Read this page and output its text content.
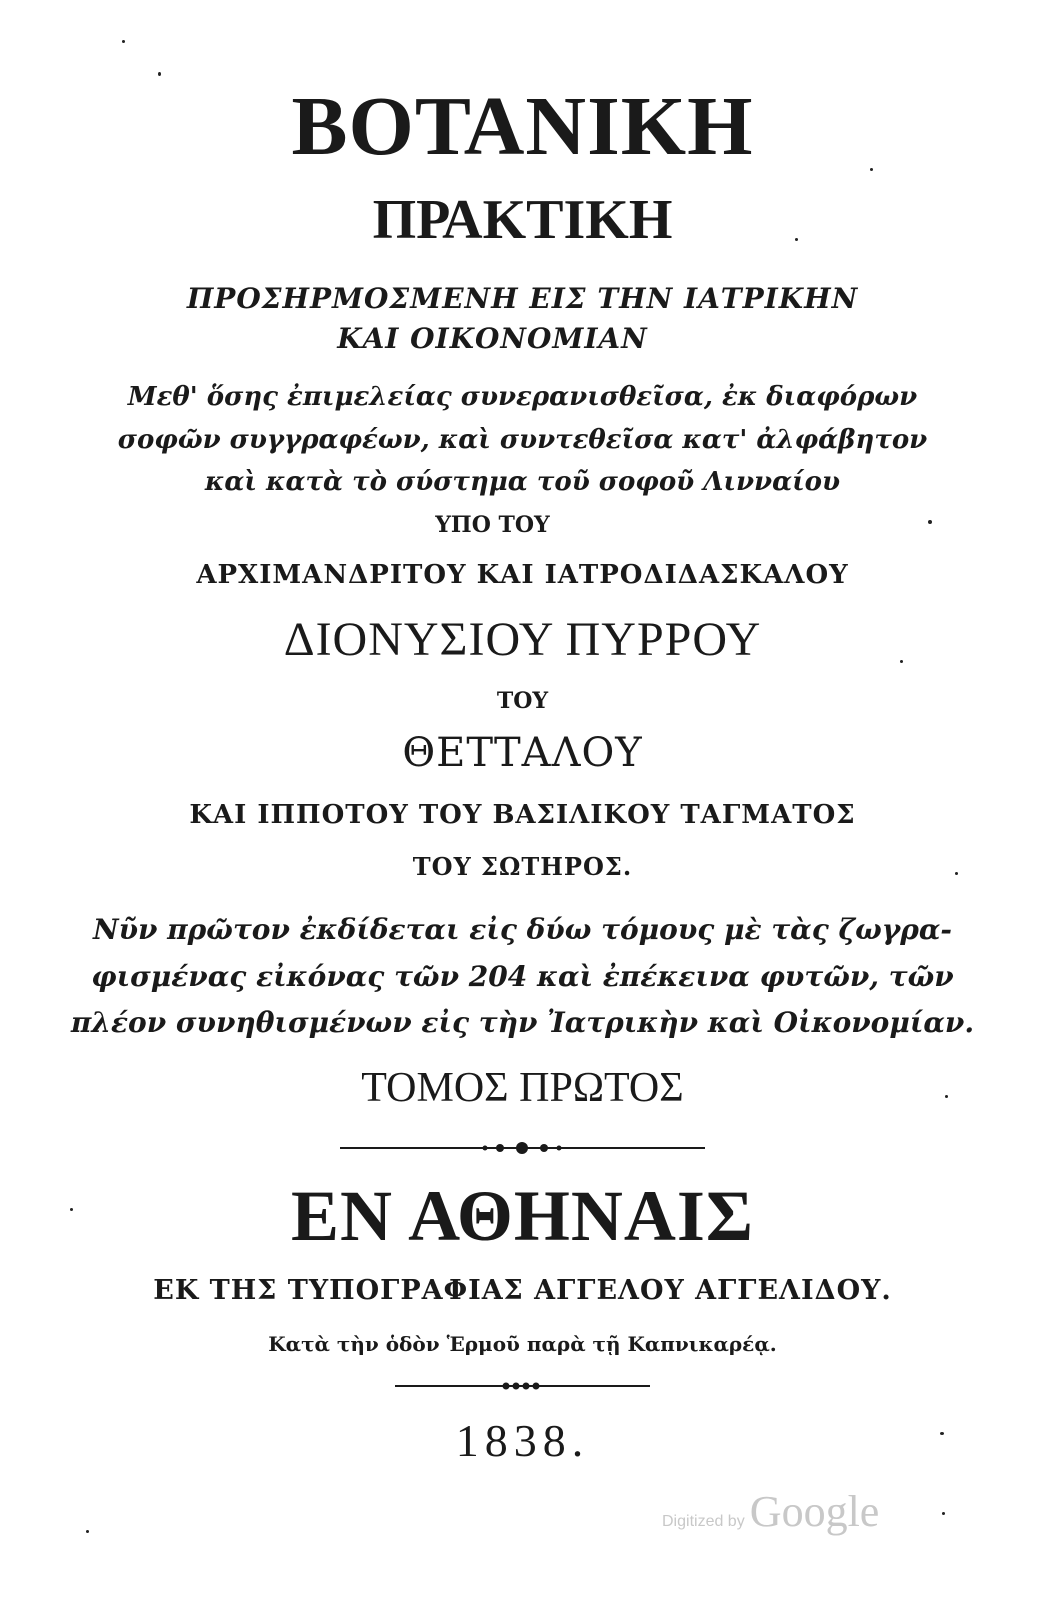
ΒΟΤΑΝΙΚΗ
ΠΡΑΚΤΙΚΗ
ΠΡΟΣΗΡΜΟΣΜΕΝΗ ΕΙΣ ΤΗΝ ΙΑΤΡΙΚΗΝ
ΚΑΙ ΟΙΚΟΝΟΜΙΑΝ
Μεθ' ὅσης ἐπιμελείας συνερανισθεῖσα, ἐκ διαφόρων
σοφῶν συγγραφέων, καὶ συντεθεῖσα κατ' ἀλφάβητον
καὶ κατὰ τὸ σύστημα τοῦ σοφοῦ Λινναίου
ΥΠΟ ΤΟΥ
ΑΡΧΙΜΑΝΔΡΙΤΟΥ ΚΑΙ ΙΑΤΡΟΔΙΔΑΣΚΑΛΟΥ
ΔΙΟΝΥΣΙΟΥ ΠΥΡΡΟΥ
ΤΟΥ
ΘΕΤΤΑΛΟΥ
ΚΑΙ ΙΠΠΟΤΟΥ ΤΟΥ ΒΑΣΙΛΙΚΟΥ ΤΑΓΜΑΤΟΣ
ΤΟΥ ΣΩΤΗΡΟΣ.
Νῦν πρῶτον ἐκδίδεται εἰς δύω τόμους μὲ τὰς ζωγρα-
φισμένας εἰκόνας τῶν 204 καὶ ἐπέκεινα φυτῶν, τῶν
πλέον συνηθισμένων εἰς τὴν Ἰατρικὴν καὶ Οἰκονομίαν.
ΤΟΜΟΣ ΠΡΩΤΟΣ
ΕΝ ΑΘΗΝΑΙΣ
ΕΚ ΤΗΣ ΤΥΠΟΓΡΑΦΙΑΣ ΑΓΓΕΛΟΥ ΑΓΓΕΛΙΔΟΥ.
Κατὰ τὴν ὁδὸν Ἑρμοῦ παρὰ τῇ Καπνικαρέᾳ.
1838.
Digitized by Google
